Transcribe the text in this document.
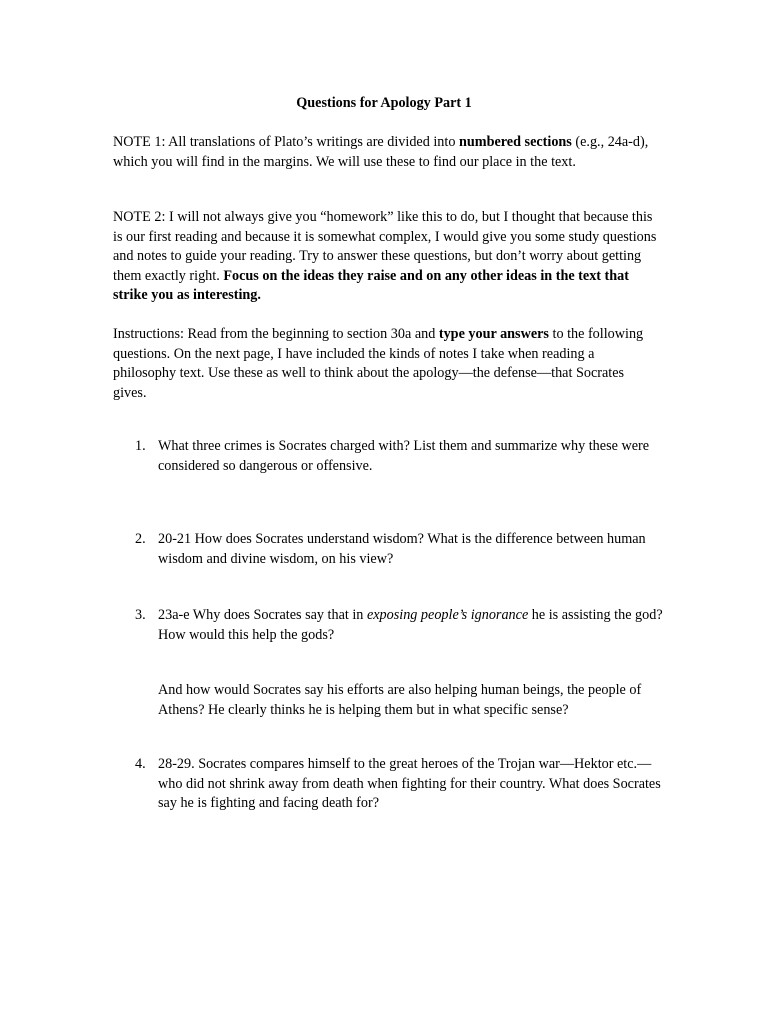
Questions for Apology Part 1

NOTE 1: All translations of Plato’s writings are divided into numbered sections (e.g., 24a-d), which you will find in the margins. We will use these to find our place in the text.

NOTE 2: I will not always give you “homework” like this to do, but I thought that because this is our first reading and because it is somewhat complex, I would give you some study questions and notes to guide your reading. Try to answer these questions, but don’t worry about getting them exactly right. Focus on the ideas they raise and on any other ideas in the text that strike you as interesting.

Instructions: Read from the beginning to section 30a and type your answers to the following questions. On the next page, I have included the kinds of notes I take when reading a philosophy text. Use these as well to think about the apology—the defense—that Socrates gives.

1. What three crimes is Socrates charged with? List them and summarize why these were considered so dangerous or offensive.
2. 20-21 How does Socrates understand wisdom? What is the difference between human wisdom and divine wisdom, on his view?
3. 23a-e Why does Socrates say that in exposing people’s ignorance he is assisting the god? How would this help the gods?

And how would Socrates say his efforts are also helping human beings, the people of Athens? He clearly thinks he is helping them but in what specific sense?

4. 28-29. Socrates compares himself to the great heroes of the Trojan war—Hektor etc.—who did not shrink away from death when fighting for their country. What does Socrates say he is fighting and facing death for?
